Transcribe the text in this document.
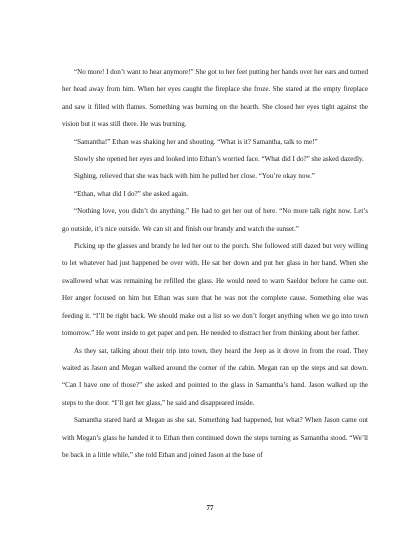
“No more! I don’t want to hear anymore!” She got to her feet putting her hands over her ears and turned her head away from him. When her eyes caught the fireplace she froze. She stared at the empty fireplace and saw it filled with flames. Something was burning on the hearth. She closed her eyes tight against the vision but it was still there. He was burning.

“Samantha!” Ethan was shaking her and shouting. “What is it? Samantha, talk to me!”

Slowly she opened her eyes and looked into Ethan’s worried face. “What did I do?” she asked dazedly.

Sighing, relieved that she was back with him he pulled her close. “You’re okay now.”

“Ethan, what did I do?” she asked again.

“Nothing love, you didn’t do anything.” He had to get her out of here. “No more talk right now. Let’s go outside, it’s nice outside. We can sit and finish our brandy and watch the sunset.”

Picking up the glasses and brandy he led her out to the porch. She followed still dazed but very willing to let whatever had just happened be over with. He sat her down and put her glass in her hand. When she swallowed what was remaining he refilled the glass. He would need to warn Saeldor before he came out. Her anger focused on him but Ethan was sure that he was not the complete cause. Something else was feeding it. “I’ll be right back. We should make out a list so we don’t forget anything when we go into town tomorrow.” He went inside to get paper and pen. He needed to distract her from thinking about her father.

As they sat, talking about their trip into town, they heard the Jeep as it drove in from the road. They waited as Jason and Megan walked around the corner of the cabin. Megan ran up the steps and sat down. “Can I have one of those?” she asked and pointed to the glass in Samantha’s hand. Jason walked up the steps to the door. “I’ll get her glass,” he said and disappeared inside.

Samantha stared hard at Megan as she sat. Something had happened, but what? When Jason came out with Megan’s glass he handed it to Ethan then continued down the steps turning as Samantha stood. “We’ll be back in a little while,” she told Ethan and joined Jason at the base of

77
